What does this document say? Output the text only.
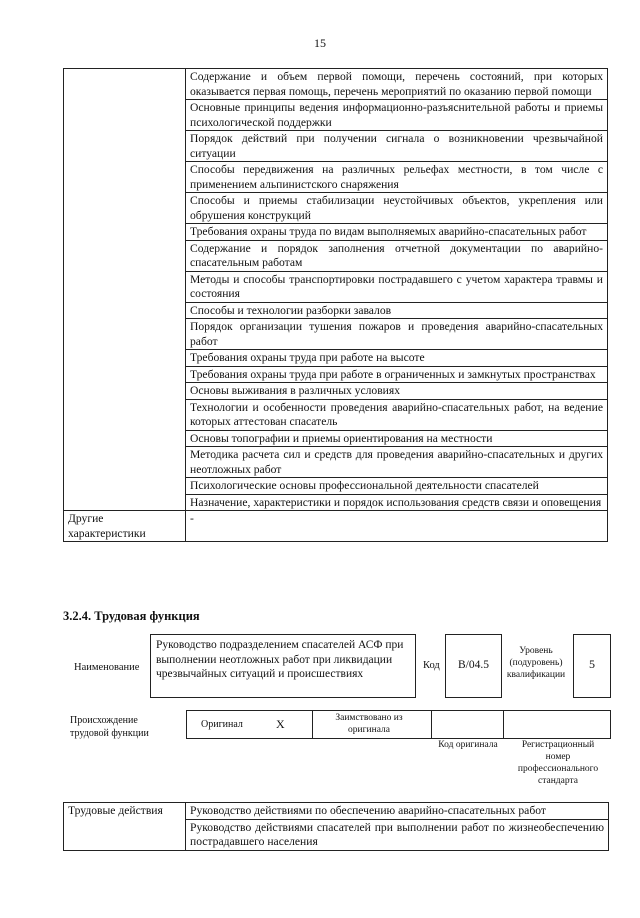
15
	Содержание и объем первой помощи, перечень состояний, при которых оказывается первая помощь, перечень мероприятий по оказанию первой помощи
	Основные принципы ведения информационно-разъяснительной работы и приемы психологической поддержки
	Порядок действий при получении сигнала о возникновении чрезвычайной ситуации
	Способы передвижения на различных рельефах местности, в том числе с применением альпинистского снаряжения
	Способы и приемы стабилизации неустойчивых объектов, укрепления или обрушения конструкций
	Требования охраны труда по видам выполняемых аварийно-спасательных работ
	Содержание и порядок заполнения отчетной документации по аварийно-спасательным работам
	Методы и способы транспортировки пострадавшего с учетом характера травмы и состояния
	Способы и технологии разборки завалов
	Порядок организации тушения пожаров и проведения аварийно-спасательных работ
	Требования охраны труда при работе на высоте
	Требования охраны труда при работе в ограниченных и замкнутых пространствах
	Основы выживания в различных условиях
	Технологии и особенности проведения аварийно-спасательных работ, на ведение которых аттестован спасатель
	Основы топографии и приемы ориентирования на местности
	Методика расчета сил и средств для проведения аварийно-спасательных и других неотложных работ
	Психологические основы профессиональной деятельности спасателей
	Назначение, характеристики и порядок использования средств связи и оповещения
Другие характеристики	-
3.2.4. Трудовая функция
Наименование
Руководство подразделением спасателей АСФ при выполнении неотложных работ при ликвидации чрезвычайных ситуаций и происшествиях
Код	B/04.5
Уровень (подуровень) квалификации
5
Происхождение трудовой функции
Оригинал	X	Заимствовано из оригинала
Код оригинала	Регистрационный номер профессионального стандарта
Трудовые действия	Руководство действиями по обеспечению аварийно-спасательных работ
Руководство действиями спасателей при выполнении работ по жизнеобеспечению пострадавшего населения
